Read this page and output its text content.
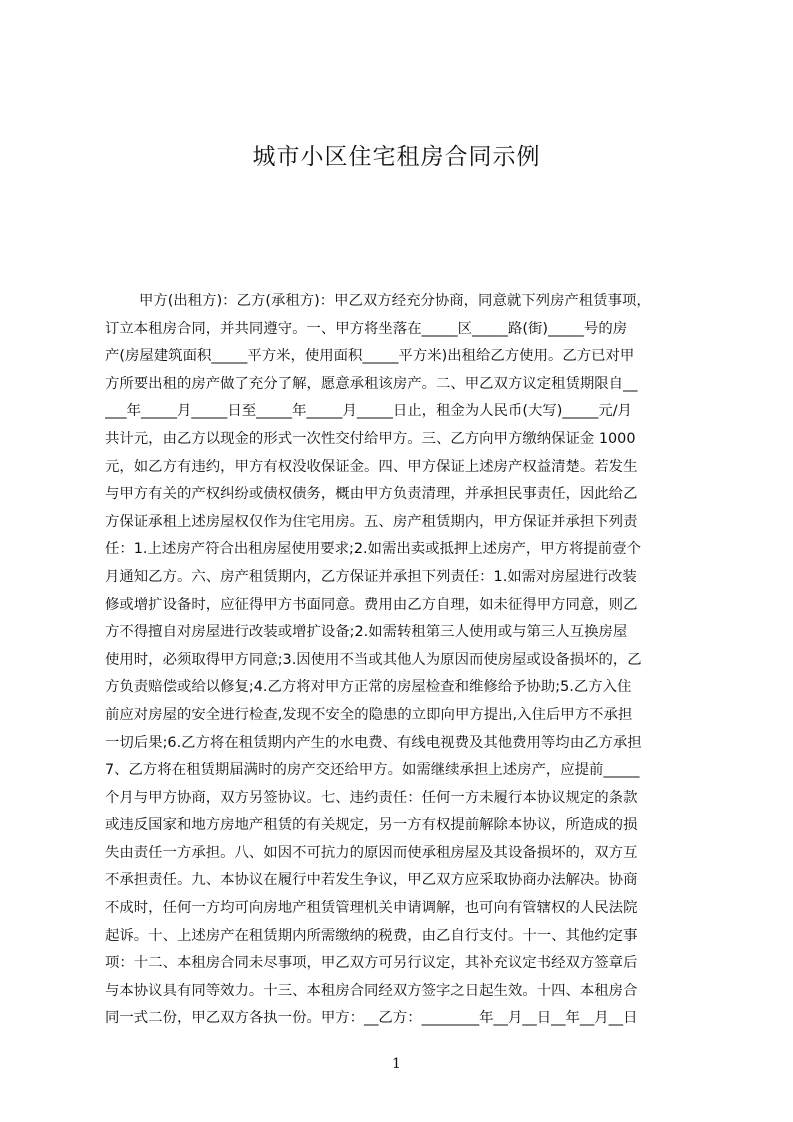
城市小区住宅租房合同示例
甲方(出租方)：乙方(承租方)：甲乙双方经充分协商，同意就下列房产租赁事项，
订立本租房合同，并共同遵守。一、甲方将坐落在_____区_____路(街)_____号的房
产(房屋建筑面积_____平方米，使用面积_____平方米)出租给乙方使用。乙方已对甲
方所要出租的房产做了充分了解，愿意承租该房产。二、甲乙双方议定租赁期限自__
___年_____月_____日至_____年_____月_____日止，租金为人民币(大写)_____元/月
共计元，由乙方以现金的形式一次性交付给甲方。三、乙方向甲方缴纳保证金 1000
元，如乙方有违约，甲方有权没收保证金。四、甲方保证上述房产权益清楚。若发生
与甲方有关的产权纠纷或债权债务，概由甲方负责清理，并承担民事责任，因此给乙
方保证承租上述房屋权仅作为住宅用房。五、房产租赁期内，甲方保证并承担下列责
任：1.上述房产符合出租房屋使用要求;2.如需出卖或抵押上述房产，甲方将提前壹个
月通知乙方。六、房产租赁期内，乙方保证并承担下列责任：1.如需对房屋进行改装
修或增扩设备时，应征得甲方书面同意。费用由乙方自理，如未征得甲方同意，则乙
方不得擅自对房屋进行改装或增扩设备;2.如需转租第三人使用或与第三人互换房屋
使用时，必须取得甲方同意;3.因使用不当或其他人为原因而使房屋或设备损坏的，乙
方负责赔偿或给以修复;4.乙方将对甲方正常的房屋检查和维修给予协助;5.乙方入住
前应对房屋的安全进行检查,发现不安全的隐患的立即向甲方提出,入住后甲方不承担
一切后果;6.乙方将在租赁期内产生的水电费、有线电视费及其他费用等均由乙方承担
7、乙方将在租赁期届满时的房产交还给甲方。如需继续承担上述房产，应提前_____
个月与甲方协商，双方另签协议。七、违约责任：任何一方未履行本协议规定的条款
或违反国家和地方房地产租赁的有关规定，另一方有权提前解除本协议，所造成的损
失由责任一方承担。八、如因不可抗力的原因而使承租房屋及其设备损坏的，双方互
不承担责任。九、本协议在履行中若发生争议，甲乙双方应采取协商办法解决。协商
不成时，任何一方均可向房地产租赁管理机关申请调解，也可向有管辖权的人民法院
起诉。十、上述房产在租赁期内所需缴纳的税费，由乙自行支付。十一、其他约定事
项：十二、本租房合同未尽事项，甲乙双方可另行议定，其补充议定书经双方签章后
与本协议具有同等效力。十三、本租房合同经双方签字之日起生效。十四、本租房合
同一式二份，甲乙双方各执一份。甲方：__乙方：________年__月__日__年__月__日
1
